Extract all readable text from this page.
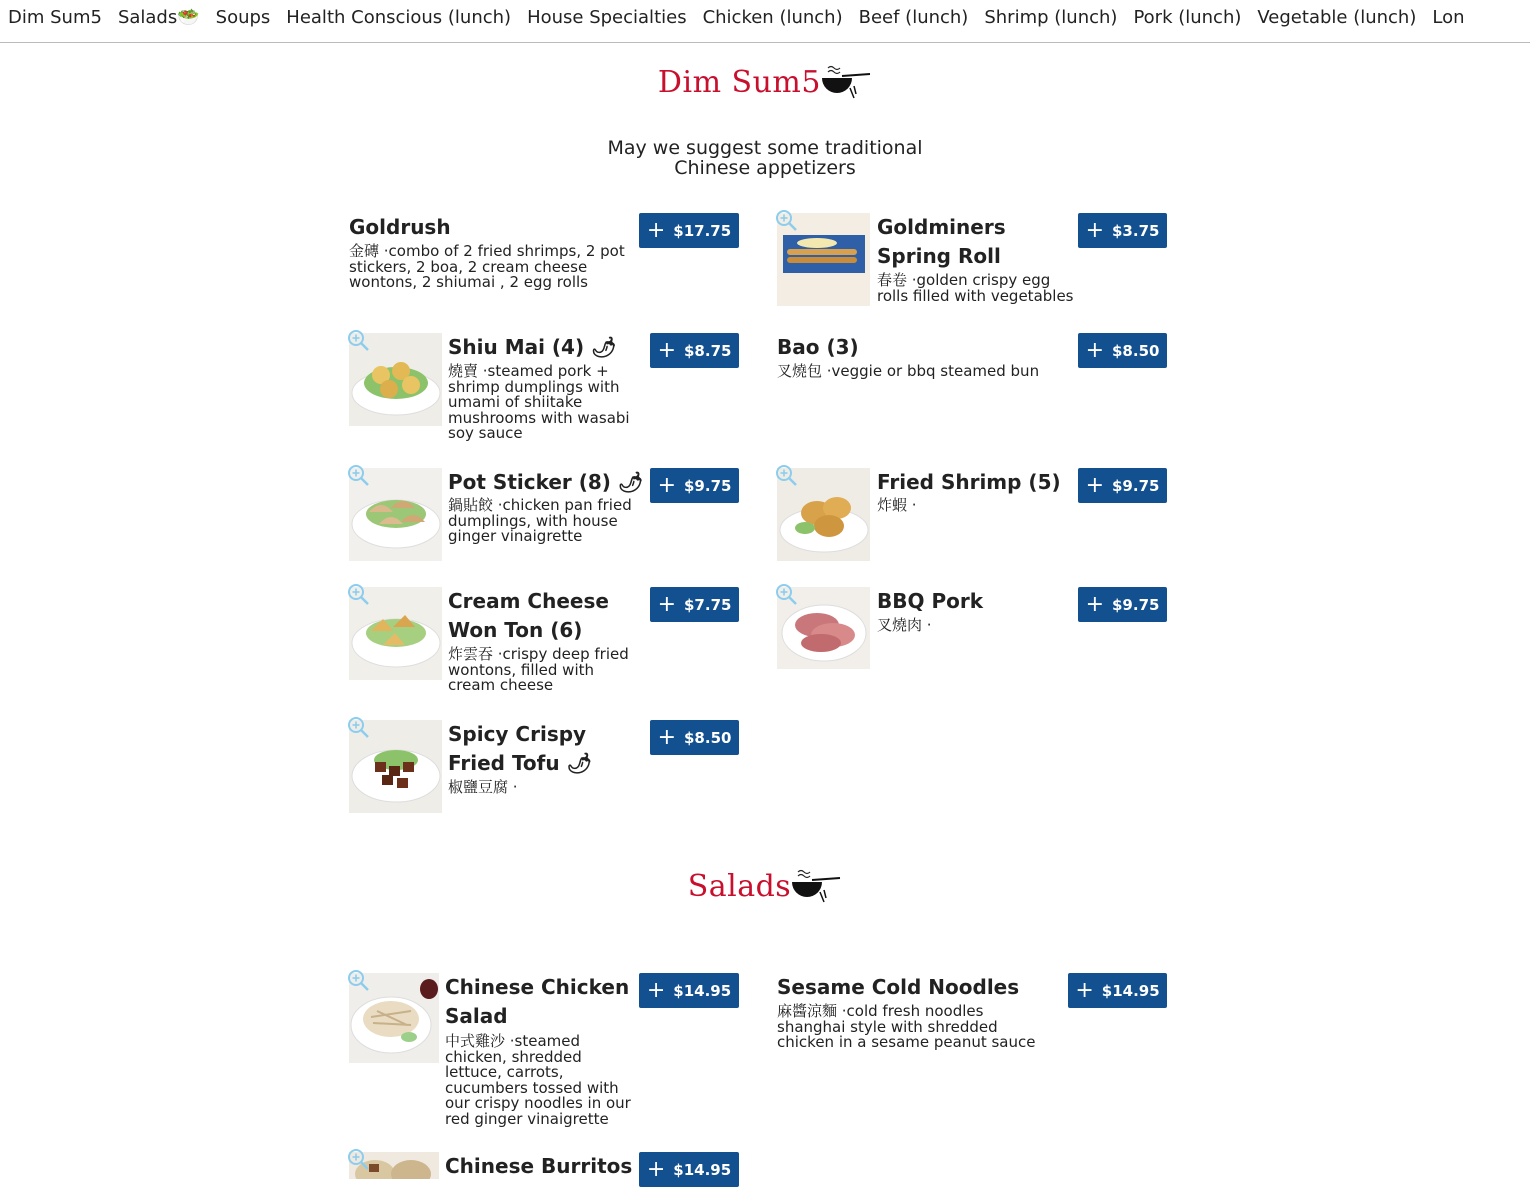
Dim Sum5 Salads🥗 Soups Health Conscious (lunch) House Specialties Chicken (lunch) Beef (lunch) Shrimp (lunch) Pork (lunch) Vegetable (lunch) Lon
Dim Sum5
May we suggest some traditional
Chinese appetizers
Goldrush
金磚 ·combo of 2 fried shrimps, 2 pot stickers, 2 boa, 2 cream cheese wontons, 2 shiumai , 2 egg rolls
+ $17.75	Goldminers Spring Roll
春卷 ·golden crispy egg rolls filled with vegetables
+ $3.75
Shiu Mai (4) 🌶
燒賣 ·steamed pork + shrimp dumplings with umami of shiitake mushrooms with wasabi soy sauce
+ $8.75 Bao (3)
叉燒包 ·veggie or bbq steamed bun
+ $8.50
Pot Sticker (8) 🌶
鍋貼餃 ·chicken pan fried dumplings, with house ginger vinaigrette
+ $9.75	Fried Shrimp (5)
炸蝦 ·
+ $9.75
Cream Cheese Won Ton (6)
炸雲吞 ·crispy deep fried wontons, filled with cream cheese
+ $7.75	BBQ Pork
叉燒肉 ·
+ $9.75
Spicy Crispy Fried Tofu 🌶
椒鹽豆腐 ·
+ $8.50
Salads
Chinese Chicken Salad
中式雞沙 ·steamed chicken, shredded lettuce, carrots, cucumbers tossed with our crispy noodles in our red ginger vinaigrette
+ $14.95 Sesame Cold Noodles
麻醬涼麵 ·cold fresh noodles shanghai style with shredded chicken in a sesame peanut sauce
+ $14.95
Chinese Burritos + $14.95
